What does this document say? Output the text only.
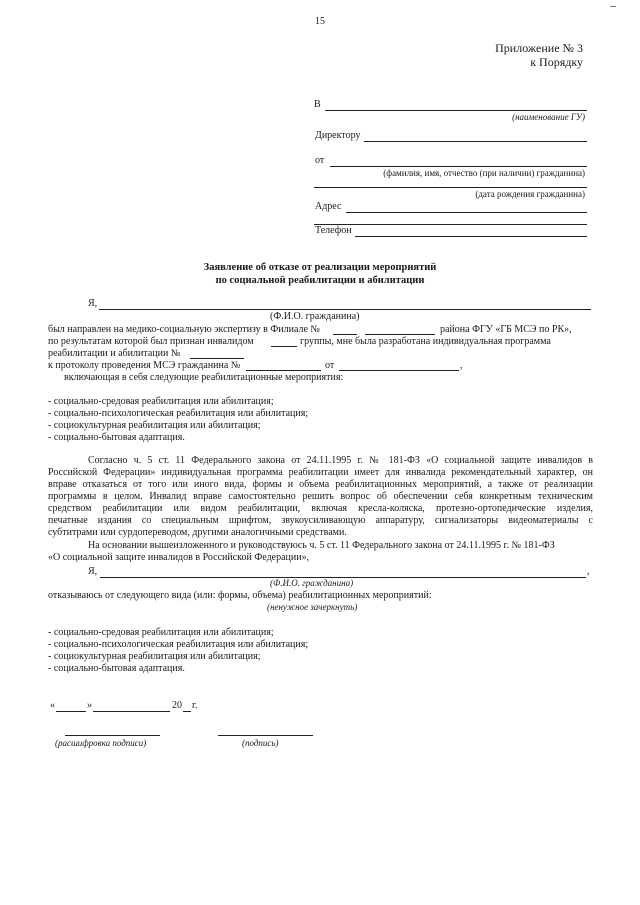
15
Приложение № 3
к Порядку
В
(наименование ГУ)
Директору
от
(фамилия, имя, отчество (при наличии) гражданина)
(дата рождения гражданина)
Адрес
Телефон
Заявление об отказе от реализации мероприятий
по социальной реабилитации и абилитации
Я,
(Ф.И.О. гражданина)
был направлен на медико-социальную экспертизу в Филиале №	района ФГУ «ГБ МСЭ по РК»,
по результатам которой был признан инвалидом	группы, мне была разработана индивидуальная программа
реабилитации и абилитации №
к протоколу проведения МСЭ гражданина №	от	,
включающая в себя следующие реабилитационные мероприятия:
- социально-средовая реабилитация или абилитация;
- социально-психологическая реабилитация или абилитация;
- социокультурная реабилитация или абилитация;
- социально-бытовая адаптация.
Согласно ч. 5 ст. 11 Федерального закона от 24.11.1995 г. № 181-ФЗ «О социальной защите инвалидов в
Российской Федерации» индивидуальная программа реабилитации имеет для инвалида рекомендательный характер, он
вправе отказаться от того или иного вида, формы и объема реабилитационных мероприятий, а также от реализации
программы в целом. Инвалид вправе самостоятельно решить вопрос об обеспечении себя конкретным техническим
средством реабилитации или видом реабилитации, включая кресла-коляска, протезно-ортопедические изделия,
печатные издания со специальным шрифтом, звукоусиливающую аппаратуру, сигнализаторы видеоматериалы с
субтитрами или сурдопереводом, другими аналогичными средствами.
На основании вышеизложенного и руководствуюсь ч. 5 ст. 11 Федерального закона от 24.11.1995 г. № 181-ФЗ
«О социальной защите инвалидов в Российской Федерации»,
Я,	,
(Ф.И.О. гражданина)
отказываюсь от следующего вида (или: формы, объема) реабилитационных мероприятий:
(ненужное зачеркнуть)
- социально-средовая реабилитация или абилитация;
- социально-психологическая реабилитация или абилитация;
- социокультурная реабилитация или абилитация;
- социально-бытовая адаптация.
«	»	20 г.
(расшифровка подписи)	(подпись)
